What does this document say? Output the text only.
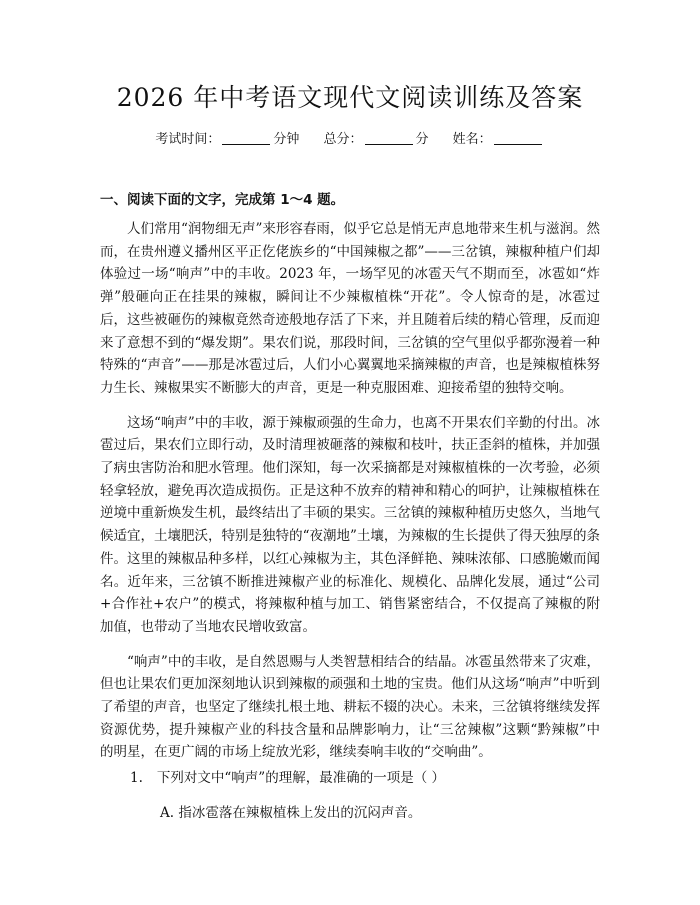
2026 年中考语文现代文阅读训练及答案
考试时间：	分钟 总分：	分 姓名：
一、阅读下面的文字，完成第 1～4 题。

人们常用“润物细无声”来形容春雨，似乎它总是悄无声息地带来生机与滋润。然而，在贵州遵义播州区平正仡佬族乡的“中国辣椒之都”——三岔镇，辣椒种植户们却体验过一场“响声”中的丰收。2023 年，一场罕见的冰雹天气不期而至，冰雹如“炸弹”般砸向正在挂果的辣椒，瞬间让不少辣椒植株“开花”。令人惊奇的是，冰雹过后，这些被砸伤的辣椒竟然奇迹般地存活了下来，并且随着后续的精心管理，反而迎来了意想不到的“爆发期”。果农们说，那段时间，三岔镇的空气里似乎都弥漫着一种特殊的“声音”——那是冰雹过后，人们小心翼翼地采摘辣椒的声音，也是辣椒植株努力生长、辣椒果实不断膨大的声音，更是一种克服困难、迎接希望的独特交响。

这场“响声”中的丰收，源于辣椒顽强的生命力，也离不开果农们辛勤的付出。冰雹过后，果农们立即行动，及时清理被砸落的辣椒和枝叶，扶正歪斜的植株，并加强了病虫害防治和肥水管理。他们深知，每一次采摘都是对辣椒植株的一次考验，必须轻拿轻放，避免再次造成损伤。正是这种不放弃的精神和精心的呵护，让辣椒植株在逆境中重新焕发生机，最终结出了丰硕的果实。三岔镇的辣椒种植历史悠久，当地气候适宜，土壤肥沃，特别是独特的“夜潮地”土壤，为辣椒的生长提供了得天独厚的条件。这里的辣椒品种多样，以红心辣椒为主，其色泽鲜艳、辣味浓郁、口感脆嫩而闻名。近年来，三岔镇不断推进辣椒产业的标准化、规模化、品牌化发展，通过“公司+合作社+农户”的模式，将辣椒种植与加工、销售紧密结合，不仅提高了辣椒的附加值，也带动了当地农民增收致富。

“响声”中的丰收，是自然恩赐与人类智慧相结合的结晶。冰雹虽然带来了灾难，但也让果农们更加深刻地认识到辣椒的顽强和土地的宝贵。他们从这场“响声”中听到了希望的声音，也坚定了继续扎根土地、耕耘不辍的决心。未来，三岔镇将继续发挥资源优势，提升辣椒产业的科技含量和品牌影响力，让“三岔辣椒”这颗“黔辣椒”中的明星，在更广阔的市场上绽放光彩，继续奏响丰收的“交响曲”。

1. 下列对文中“响声”的理解，最准确的一项是（ ）
A. 指冰雹落在辣椒植株上发出的沉闷声音。
